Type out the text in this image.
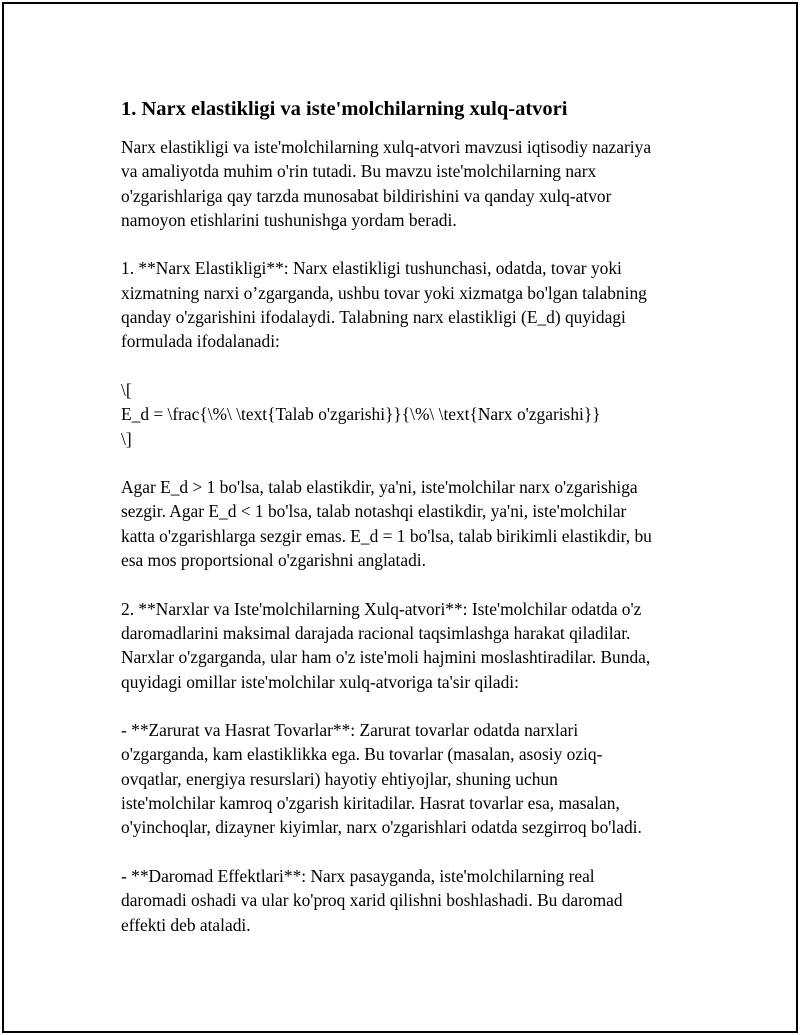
1. Narx elastikligi va iste'molchilarning xulq-atvori

Narx elastikligi va iste'molchilarning xulq-atvori mavzusi iqtisodiy nazariya
va amaliyotda muhim o'rin tutadi. Bu mavzu iste'molchilarning narx
o'zgarishlariga qay tarzda munosabat bildirishini va qanday xulq-atvor
namoyon etishlarini tushunishga yordam beradi.

1. **Narx Elastikligi**: Narx elastikligi tushunchasi, odatda, tovar yoki
xizmatning narxi o’zgarganda, ushbu tovar yoki xizmatga bo'lgan talabning
qanday o'zgarishini ifodalaydi. Talabning narx elastikligi (E_d) quyidagi
formulada ifodalanadi:

\[
E_d = \frac{\%\ \text{Talab o'zgarishi}}{\%\ \text{Narx o'zgarishi}}
\]

Agar E_d > 1 bo'lsa, talab elastikdir, ya'ni, iste'molchilar narx o'zgarishiga
sezgir. Agar E_d < 1 bo'lsa, talab notashqi elastikdir, ya'ni, iste'molchilar
katta o'zgarishlarga sezgir emas. E_d = 1 bo'lsa, talab birikimli elastikdir, bu
esa mos proportsional o'zgarishni anglatadi.

2. **Narxlar va Iste'molchilarning Xulq-atvori**: Iste'molchilar odatda o'z
daromadlarini maksimal darajada racional taqsimlashga harakat qiladilar.
Narxlar o'zgarganda, ular ham o'z iste'moli hajmini moslashtiradilar. Bunda,
quyidagi omillar iste'molchilar xulq-atvoriga ta'sir qiladi:

- **Zarurat va Hasrat Tovarlar**: Zarurat tovarlar odatda narxlari
o'zgarganda, kam elastiklikka ega. Bu tovarlar (masalan, asosiy oziq-
ovqatlar, energiya resurslari) hayotiy ehtiyojlar, shuning uchun
iste'molchilar kamroq o'zgarish kiritadilar. Hasrat tovarlar esa, masalan,
o'yinchoqlar, dizayner kiyimlar, narx o'zgarishlari odatda sezgirroq bo'ladi.

- **Daromad Effektlari**: Narx pasayganda, iste'molchilarning real
daromadi oshadi va ular ko'proq xarid qilishni boshlashadi. Bu daromad
effekti deb ataladi.
